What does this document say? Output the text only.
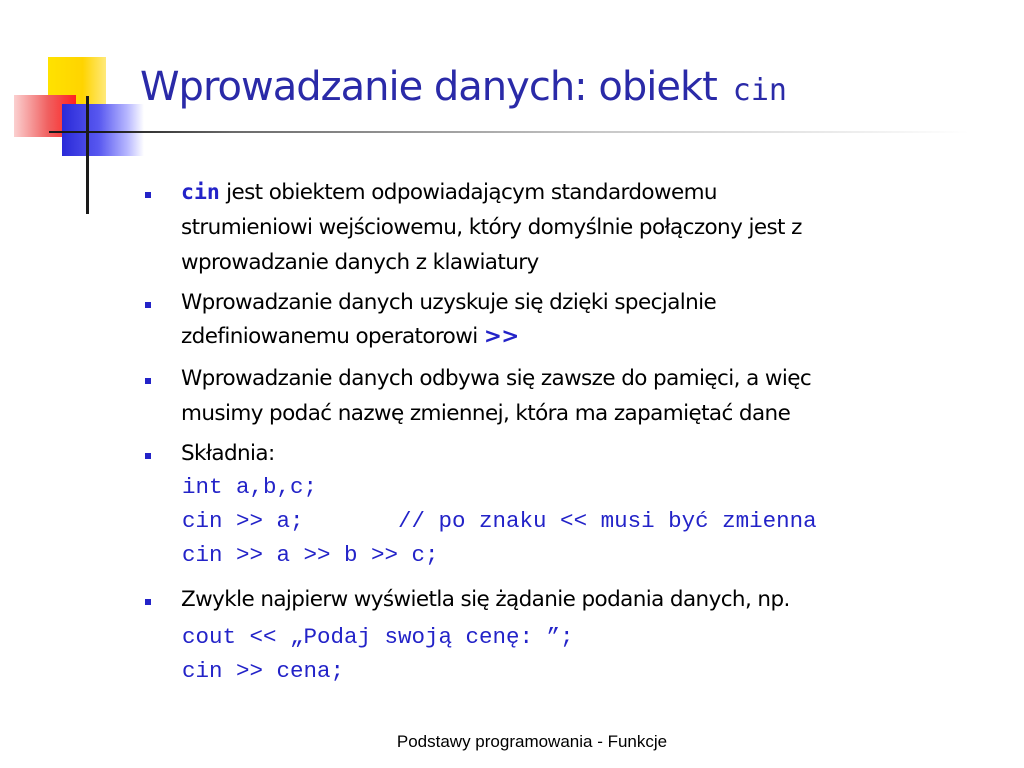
Wprowadzanie danych: obiekt cin

cin jest obiektem odpowiadającym standardowemu

strumieniowi wejściowemu, który domyślnie połączony jest z

wprowadzanie danych z klawiatury

Wprowadzanie danych uzyskuje się dzięki specjalnie

zdefiniowanemu operatorowi >>

Wprowadzanie danych odbywa się zawsze do pamięci, a więc

musimy podać nazwę zmiennej, która ma zapamiętać dane

Składnia:

int a,b,c;
cin >> a;       // po znaku << musi być zmienna
cin >> a >> b >> c;

Zwykle najpierw wyświetla się żądanie podania danych, np.

cout << „Podaj swoją cenę: ”;
cin >> cena;
Podstawy programowania - Funkcje
